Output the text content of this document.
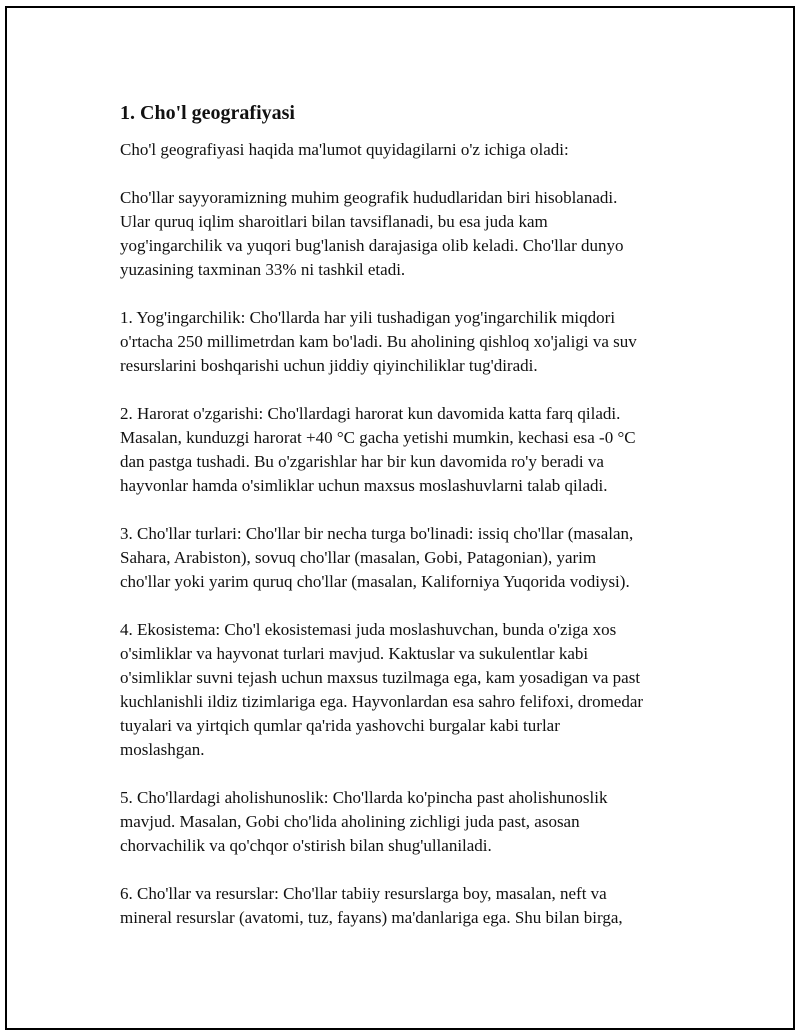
1. Cho'l geografiyasi

Cho'l geografiyasi haqida ma'lumot quyidagilarni o'z ichiga oladi:

Cho'llar sayyoramizning muhim geografik hududlaridan biri hisoblanadi.
Ular quruq iqlim sharoitlari bilan tavsiflanadi, bu esa juda kam
yog'ingarchilik va yuqori bug'lanish darajasiga olib keladi. Cho'llar dunyo
yuzasining taxminan 33% ni tashkil etadi.

1. Yog'ingarchilik: Cho'llarda har yili tushadigan yog'ingarchilik miqdori
o'rtacha 250 millimetrdan kam bo'ladi. Bu aholining qishloq xo'jaligi va suv
resurslarini boshqarishi uchun jiddiy qiyinchiliklar tug'diradi.

2. Harorat o'zgarishi: Cho'llardagi harorat kun davomida katta farq qiladi.
Masalan, kunduzgi harorat +40 °C gacha yetishi mumkin, kechasi esa -0 °C
dan pastga tushadi. Bu o'zgarishlar har bir kun davomida ro'y beradi va
hayvonlar hamda o'simliklar uchun maxsus moslashuvlarni talab qiladi.

3. Cho'llar turlari: Cho'llar bir necha turga bo'linadi: issiq cho'llar (masalan,
Sahara, Arabiston), sovuq cho'llar (masalan, Gobi, Patagonian), yarim
cho'llar yoki yarim quruq cho'llar (masalan, Kaliforniya Yuqorida vodiysi).

4. Ekosistema: Cho'l ekosistemasi juda moslashuvchan, bunda o'ziga xos
o'simliklar va hayvonat turlari mavjud. Kaktuslar va sukulentlar kabi
o'simliklar suvni tejash uchun maxsus tuzilmaga ega, kam yosadigan va past
kuchlanishli ildiz tizimlariga ega. Hayvonlardan esa sahro felifoxi, dromedar
tuyalari va yirtqich qumlar qa'rida yashovchi burgalar kabi turlar
moslashgan.

5. Cho'llardagi aholishunoslik: Cho'llarda ko'pincha past aholishunoslik
mavjud. Masalan, Gobi cho'lida aholining zichligi juda past, asosan
chorvachilik va qo'chqor o'stirish bilan shug'ullaniladi.

6. Cho'llar va resurslar: Cho'llar tabiiy resurslarga boy, masalan, neft va
mineral resurslar (avatomi, tuz, fayans) ma'danlariga ega. Shu bilan birga,
